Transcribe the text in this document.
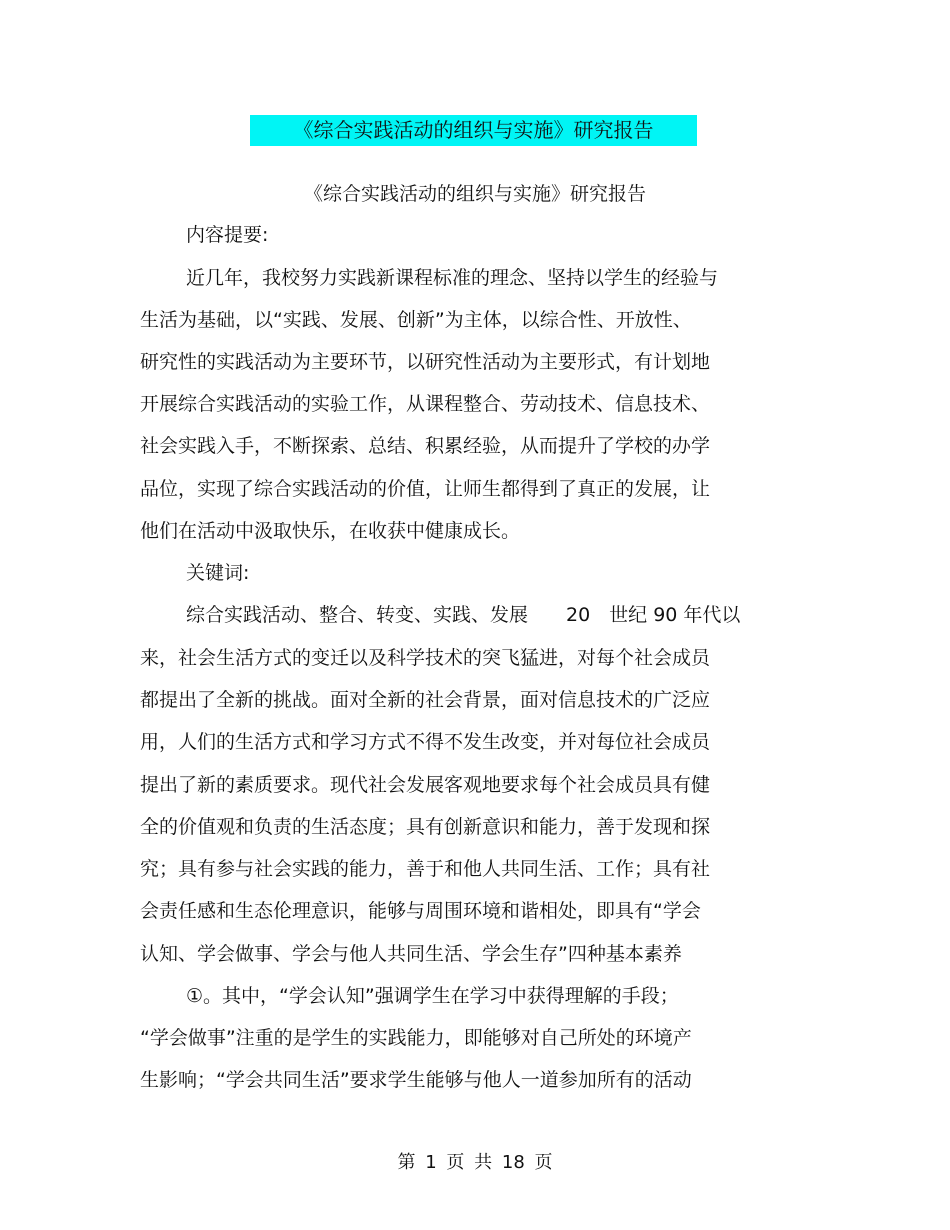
《综合实践活动的组织与实施》研究报告
《综合实践活动的组织与实施》研究报告
内容提要:
近几年，我校努力实践新课程标准的理念、坚持以学生的经验与
生活为基础，以“实践、发展、创新”为主体，以综合性、开放性、
研究性的实践活动为主要环节，以研究性活动为主要形式，有计划地
开展综合实践活动的实验工作，从课程整合、劳动技术、信息技术、
社会实践入手，不断探索、总结、积累经验，从而提升了学校的办学
品位，实现了综合实践活动的价值，让师生都得到了真正的发展，让
他们在活动中汲取快乐，在收获中健康成长。
关键词:
综合实践活动、整合、转变、实践、发展　　20　世纪 90 年代以
来，社会生活方式的变迁以及科学技术的突飞猛进，对每个社会成员
都提出了全新的挑战。面对全新的社会背景，面对信息技术的广泛应
用，人们的生活方式和学习方式不得不发生改变，并对每位社会成员
提出了新的素质要求。现代社会发展客观地要求每个社会成员具有健
全的价值观和负责的生活态度；具有创新意识和能力，善于发现和探
究；具有参与社会实践的能力，善于和他人共同生活、工作；具有社
会责任感和生态伦理意识，能够与周围环境和谐相处，即具有“学会
认知、学会做事、学会与他人共同生活、学会生存”四种基本素养
①。其中，“学会认知”强调学生在学习中获得理解的手段；
“学会做事”注重的是学生的实践能力，即能够对自己所处的环境产
生影响；“学会共同生活”要求学生能够与他人一道参加所有的活动
第 1 页 共 18 页
